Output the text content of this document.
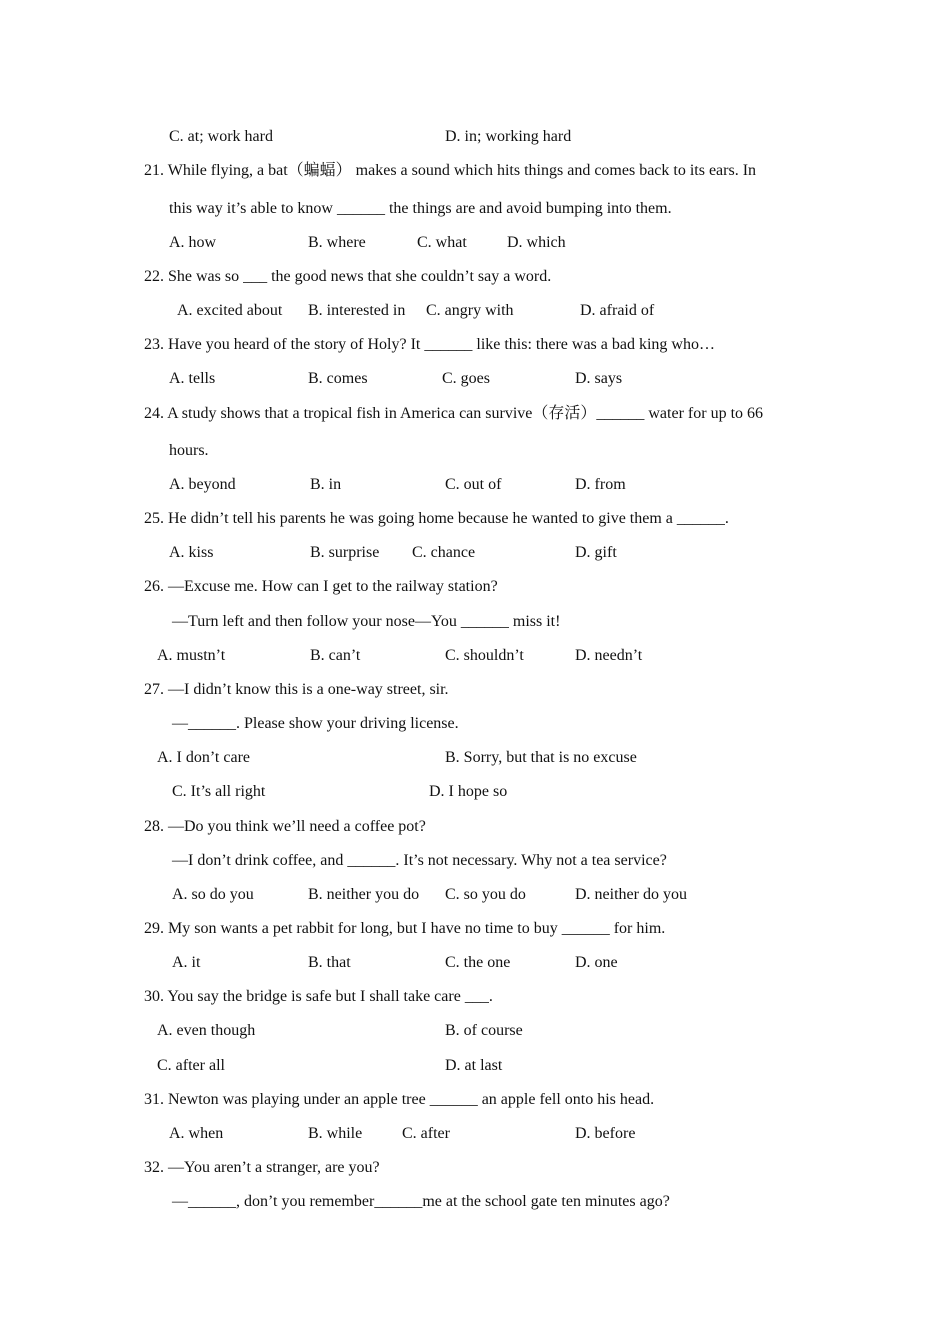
C. at; work hard	D. in; working hard
21. While flying, a bat（蝙蝠） makes a sound which hits things and comes back to its ears. In
this way it’s able to know ______ the things are and avoid bumping into them.
A. how	B. where	C. what	D. which
22. She was so ___ the good news that she couldn’t say a word.
A. excited about B. interested in C. angry with	D. afraid of
23. Have you heard of the story of Holy? It ______ like this: there was a bad king who…
A. tells	B. comes	C. goes	D. says
24. A study shows that a tropical fish in America can survive（存活）______ water for up to 66
hours.
A. beyond	B. in	C. out of	D. from
25. He didn’t tell his parents he was going home because he wanted to give them a ______.
A. kiss	B. surprise C. chance	D. gift
26. —Excuse me. How can I get to the railway station?
—Turn left and then follow your nose—You ______ miss it!
A. mustn’t	B. can’t	C. shouldn’t	D. needn’t
27. —I didn’t know this is a one-way street, sir.
—______. Please show your driving license.
A. I don’t care	B. Sorry, but that is no excuse
C. It’s all right	D. I hope so
28. —Do you think we’ll need a coffee pot?
—I don’t drink coffee, and ______. It’s not necessary. Why not a tea service?
A. so do you	B. neither you do C. so you do	D. neither do you
29. My son wants a pet rabbit for long, but I have no time to buy ______ for him.
A. it	B. that	C. the one	D. one
30. You say the bridge is safe but I shall take care ___.
A. even though	B. of course
C. after all	D. at last
31. Newton was playing under an apple tree ______ an apple fell onto his head.
A. when	B. while C. after	D. before
32. —You aren’t a stranger, are you?
—______, don’t you remember______me at the school gate ten minutes ago?
